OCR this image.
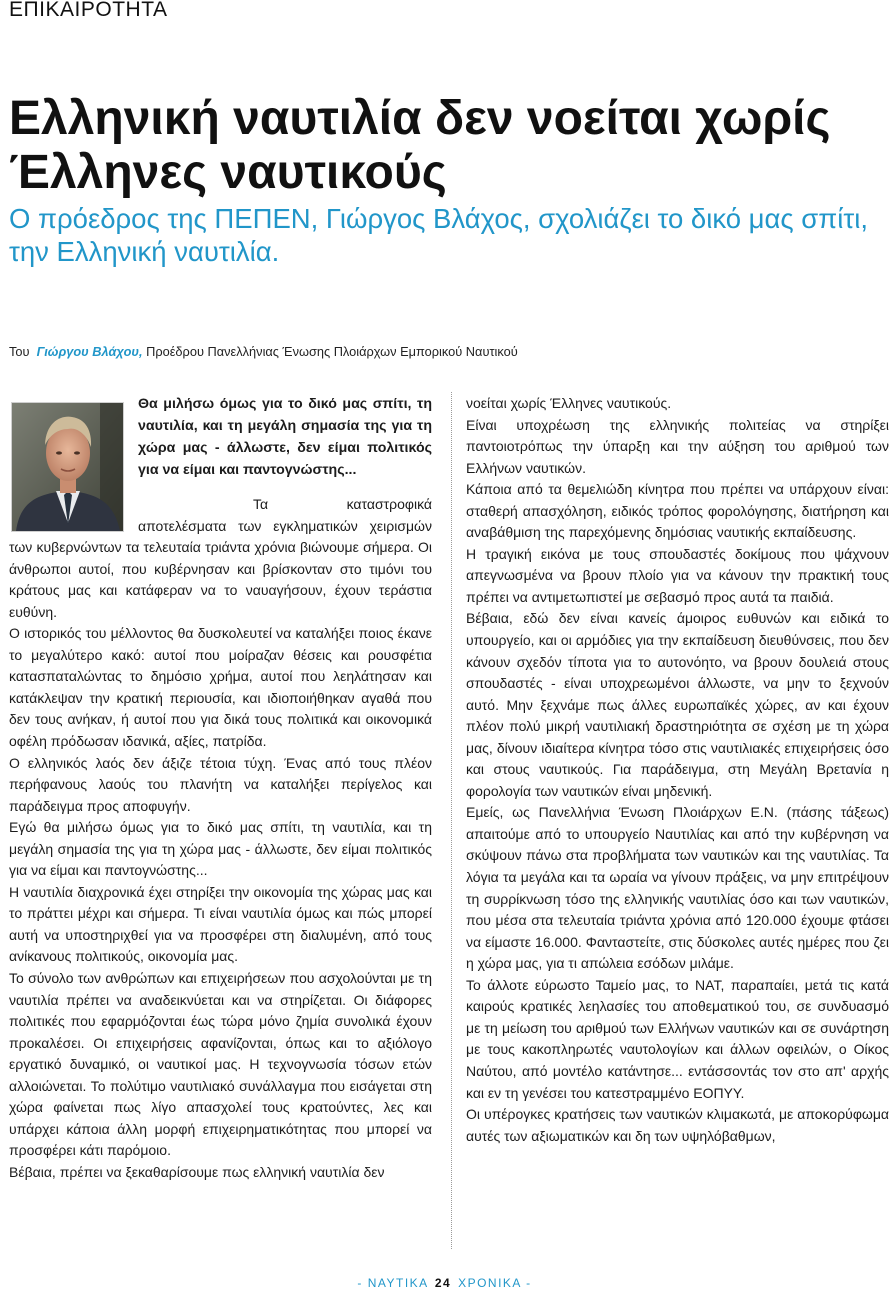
ΕΠΙΚΑΙΡΟΤΗΤΑ
Ελληνική ναυτιλία δεν νοείται χωρίς Έλληνες ναυτικούς
Ο πρόεδρος της ΠΕΠΕΝ, Γιώργος Βλάχος, σχολιάζει το δικό μας σπίτι, την Ελληνική ναυτιλία.
Του Γιώργου Βλάχου, Προέδρου Πανελλήνιας Ένωσης Πλοιάρχων Εμπορικού Ναυτικού

Θα μιλήσω όμως για το δικό μας σπίτι, τη ναυτιλία, και τη μεγάλη σημασία της για τη χώρα μας - άλλωστε, δεν είμαι πολιτικός για να είμαι και παντογνώστης...

Τα καταστροφικά αποτελέσματα των εγκληματικών χειρισμών των κυβερνώντων τα τελευταία τριάντα χρόνια βιώνουμε σήμερα. Οι άνθρωποι αυτοί, που κυβέρνησαν και βρίσκονταν στο τιμόνι του κράτους μας και κατάφεραν να το ναυαγήσουν, έχουν τεράστια ευθύνη.

Ο ιστορικός του μέλλοντος θα δυσκολευτεί να καταλήξει ποιος έκανε το μεγαλύτερο κακό: αυτοί που μοίραζαν θέσεις και ρουσφέτια κατασπαταλώντας το δημόσιο χρήμα, αυτοί που λεηλάτησαν και κατάκλεψαν την κρατική περιουσία, και ιδιοποιήθηκαν αγαθά που δεν τους ανήκαν, ή αυτοί που για δικά τους πολιτικά και οικονομικά οφέλη πρόδωσαν ιδανικά, αξίες, πατρίδα.

Ο ελληνικός λαός δεν άξιζε τέτοια τύχη. Ένας από τους πλέον περήφανους λαούς του πλανήτη να καταλήξει περίγελος και παράδειγμα προς αποφυγήν.

Εγώ θα μιλήσω όμως για το δικό μας σπίτι, τη ναυτιλία, και τη μεγάλη σημασία της για τη χώρα μας - άλλωστε, δεν είμαι πολιτικός για να είμαι και παντογνώστης...

Η ναυτιλία διαχρονικά έχει στηρίξει την οικονομία της χώρας μας και το πράττει μέχρι και σήμερα. Τι είναι ναυτιλία όμως και πώς μπορεί αυτή να υποστηριχθεί για να προσφέρει στη διαλυμένη, από τους ανίκανους πολιτικούς, οικονομία μας.

Το σύνολο των ανθρώπων και επιχειρήσεων που ασχολούνται με τη ναυτιλία πρέπει να αναδεικνύεται και να στηρίζεται. Οι διάφορες πολιτικές που εφαρμόζονται έως τώρα μόνο ζημία συνολικά έχουν προκαλέσει. Οι επιχειρήσεις αφανίζονται, όπως και το αξιόλογο εργατικό δυναμικό, οι ναυτικοί μας. Η τεχνογνωσία τόσων ετών αλλοιώνεται. Το πολύτιμο ναυτιλιακό συνάλλαγμα που εισάγεται στη χώρα φαίνεται πως λίγο απασχολεί τους κρατούντες, λες και υπάρχει κάποια άλλη μορφή επιχειρηματικότητας που μπορεί να προσφέρει κάτι παρόμοιο.

Βέβαια, πρέπει να ξεκαθαρίσουμε πως ελληνική ναυτιλία δεν

νοείται χωρίς Έλληνες ναυτικούς.

Είναι υποχρέωση της ελληνικής πολιτείας να στηρίξει παντοιοτρόπως την ύπαρξη και την αύξηση του αριθμού των Ελλήνων ναυτικών.

Κάποια από τα θεμελιώδη κίνητρα που πρέπει να υπάρχουν είναι: σταθερή απασχόληση, ειδικός τρόπος φορολόγησης, διατήρηση και αναβάθμιση της παρεχόμενης δημόσιας ναυτικής εκπαίδευσης.

Η τραγική εικόνα με τους σπουδαστές δοκίμους που ψάχνουν απεγνωσμένα να βρουν πλοίο για να κάνουν την πρακτική τους πρέπει να αντιμετωπιστεί με σεβασμό προς αυτά τα παιδιά.

Βέβαια, εδώ δεν είναι κανείς άμοιρος ευθυνών και ειδικά το υπουργείο, και οι αρμόδιες για την εκπαίδευση διευθύνσεις, που δεν κάνουν σχεδόν τίποτα για το αυτονόητο, να βρουν δουλειά στους σπουδαστές - είναι υποχρεωμένοι άλλωστε, να μην το ξεχνούν αυτό. Μην ξεχνάμε πως άλλες ευρωπαϊκές χώρες, αν και έχουν πλέον πολύ μικρή ναυτιλιακή δραστηριότητα σε σχέση με τη χώρα μας, δίνουν ιδιαίτερα κίνητρα τόσο στις ναυτιλιακές επιχειρήσεις όσο και στους ναυτικούς. Για παράδειγμα, στη Μεγάλη Βρετανία η φορολογία των ναυτικών είναι μηδενική.

Εμείς, ως Πανελλήνια Ένωση Πλοιάρχων Ε.Ν. (πάσης τάξεως) απαιτούμε από το υπουργείο Ναυτιλίας και από την κυβέρνηση να σκύψουν πάνω στα προβλήματα των ναυτικών και της ναυτιλίας. Τα λόγια τα μεγάλα και τα ωραία να γίνουν πράξεις, να μην επιτρέψουν τη συρρίκνωση τόσο της ελληνικής ναυτιλίας όσο και των ναυτικών, που μέσα στα τελευταία τριάντα χρόνια από 120.000 έχουμε φτάσει να είμαστε 16.000. Φανταστείτε, στις δύσκολες αυτές ημέρες που ζει η χώρα μας, για τι απώλεια εσόδων μιλάμε.

Το άλλοτε εύρωστο Ταμείο μας, το ΝΑΤ, παραπαίει, μετά τις κατά καιρούς κρατικές λεηλασίες του αποθεματικού του, σε συνδυασμό με τη μείωση του αριθμού των Ελλήνων ναυτικών και σε συνάρτηση με τους κακοπληρωτές ναυτολογίων και άλλων οφειλών, ο Οίκος Ναύτου, από μοντέλο κατάντησε... εντάσσοντάς τον στο απ' αρχής και εν τη γενέσει του κατεστραμμένο ΕΟΠΥΥ.

Οι υπέρογκες κρατήσεις των ναυτικών κλιμακωτά, με αποκορύφωμα αυτές των αξιωματικών και δη των υψηλόβαθμων,

- ΝΑΥΤΙΚΑ 24 ΧΡΟΝΙΚΑ -
